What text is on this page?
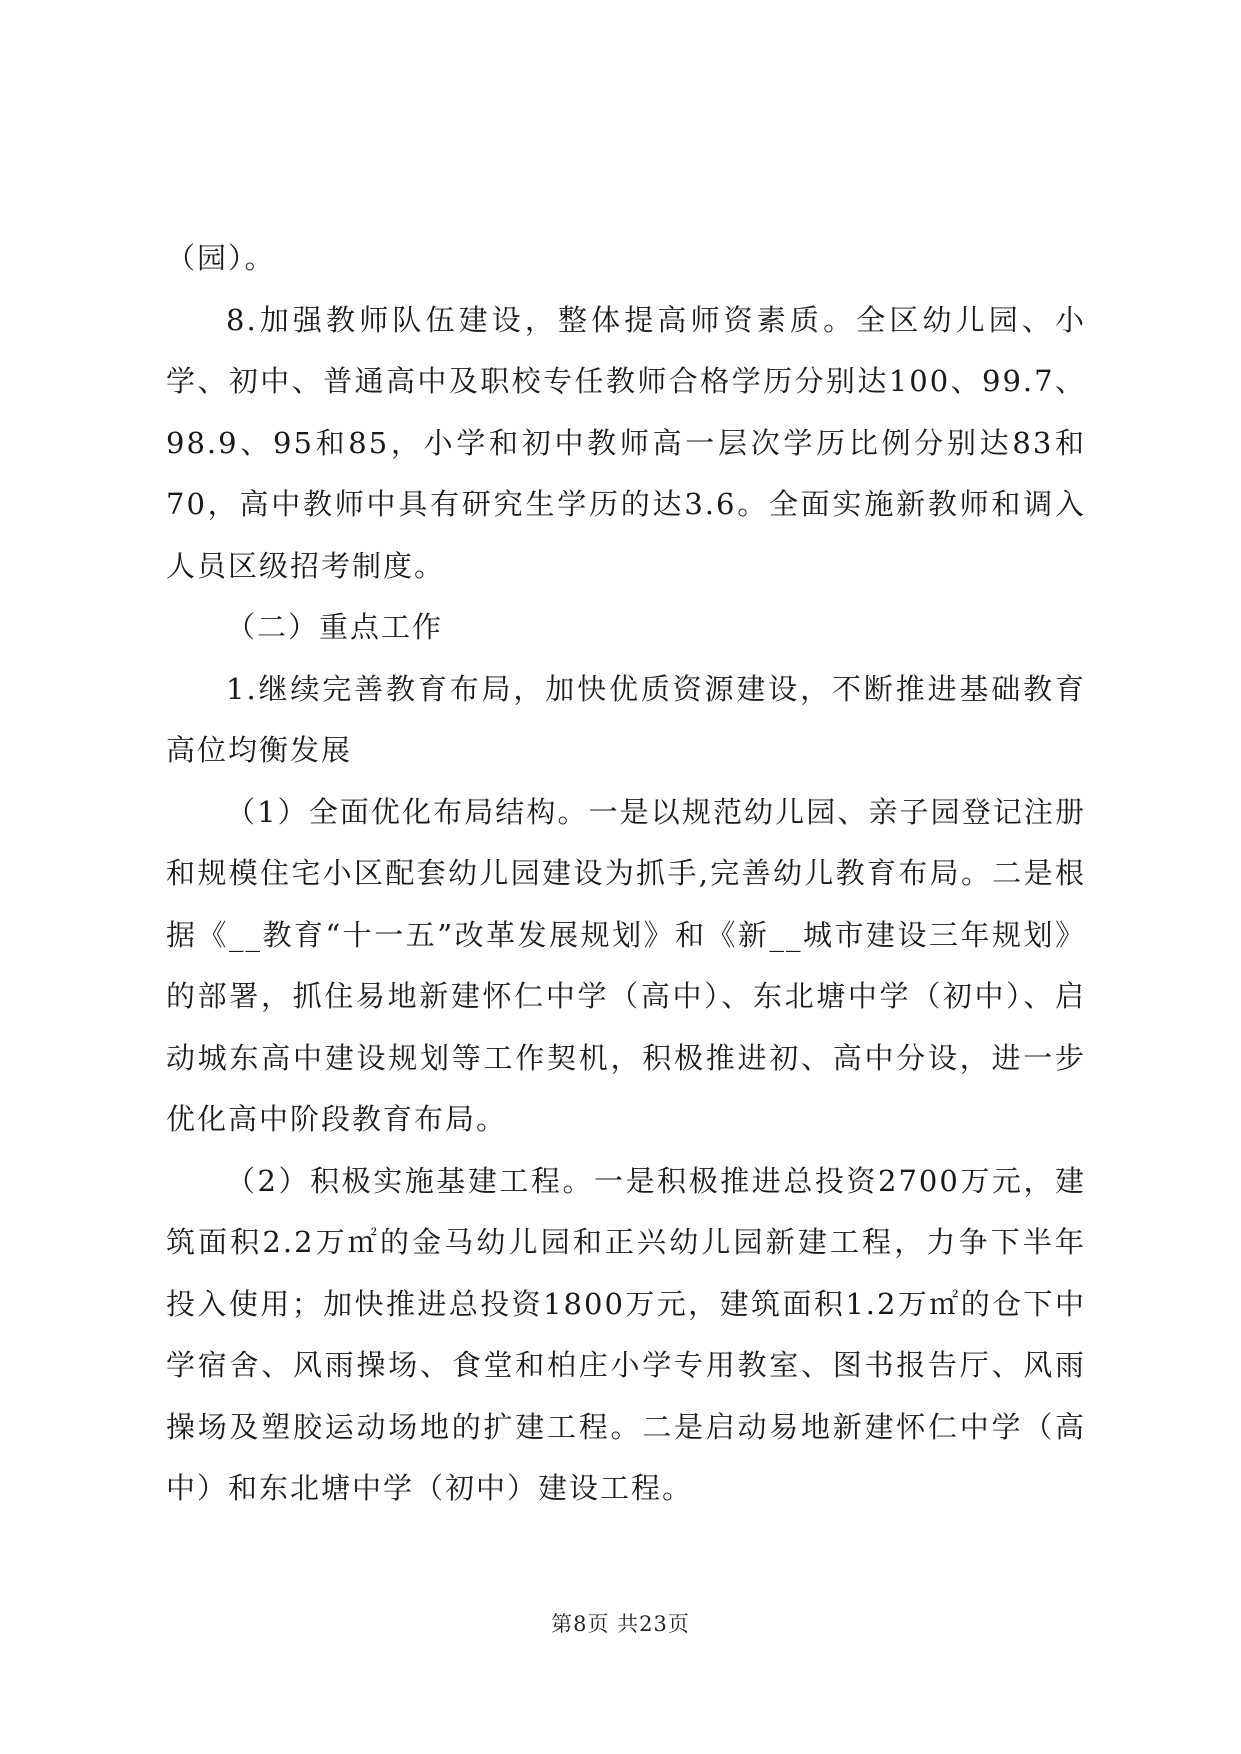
（园）。

8.加强教师队伍建设，整体提高师资素质。全区幼儿园、小学、初中、普通高中及职校专任教师合格学历分别达100、99.7、98.9、95和85，小学和初中教师高一层次学历比例分别达83和70，高中教师中具有研究生学历的达3.6。全面实施新教师和调入人员区级招考制度。

（二）重点工作

1.继续完善教育布局，加快优质资源建设，不断推进基础教育高位均衡发展

（1）全面优化布局结构。一是以规范幼儿园、亲子园登记注册和规模住宅小区配套幼儿园建设为抓手,完善幼儿教育布局。二是根据《__教育“十一五”改革发展规划》和《新__城市建设三年规划》的部署，抓住易地新建怀仁中学（高中）、东北塘中学（初中）、启动城东高中建设规划等工作契机，积极推进初、高中分设，进一步优化高中阶段教育布局。

（2）积极实施基建工程。一是积极推进总投资2700万元，建筑面积2.2万㎡的金马幼儿园和正兴幼儿园新建工程，力争下半年投入使用；加快推进总投资1800万元，建筑面积1.2万㎡的仓下中学宿舍、风雨操场、食堂和柏庄小学专用教室、图书报告厅、风雨操场及塑胶运动场地的扩建工程。二是启动易地新建怀仁中学（高中）和东北塘中学（初中）建设工程。

第8页 共23页
